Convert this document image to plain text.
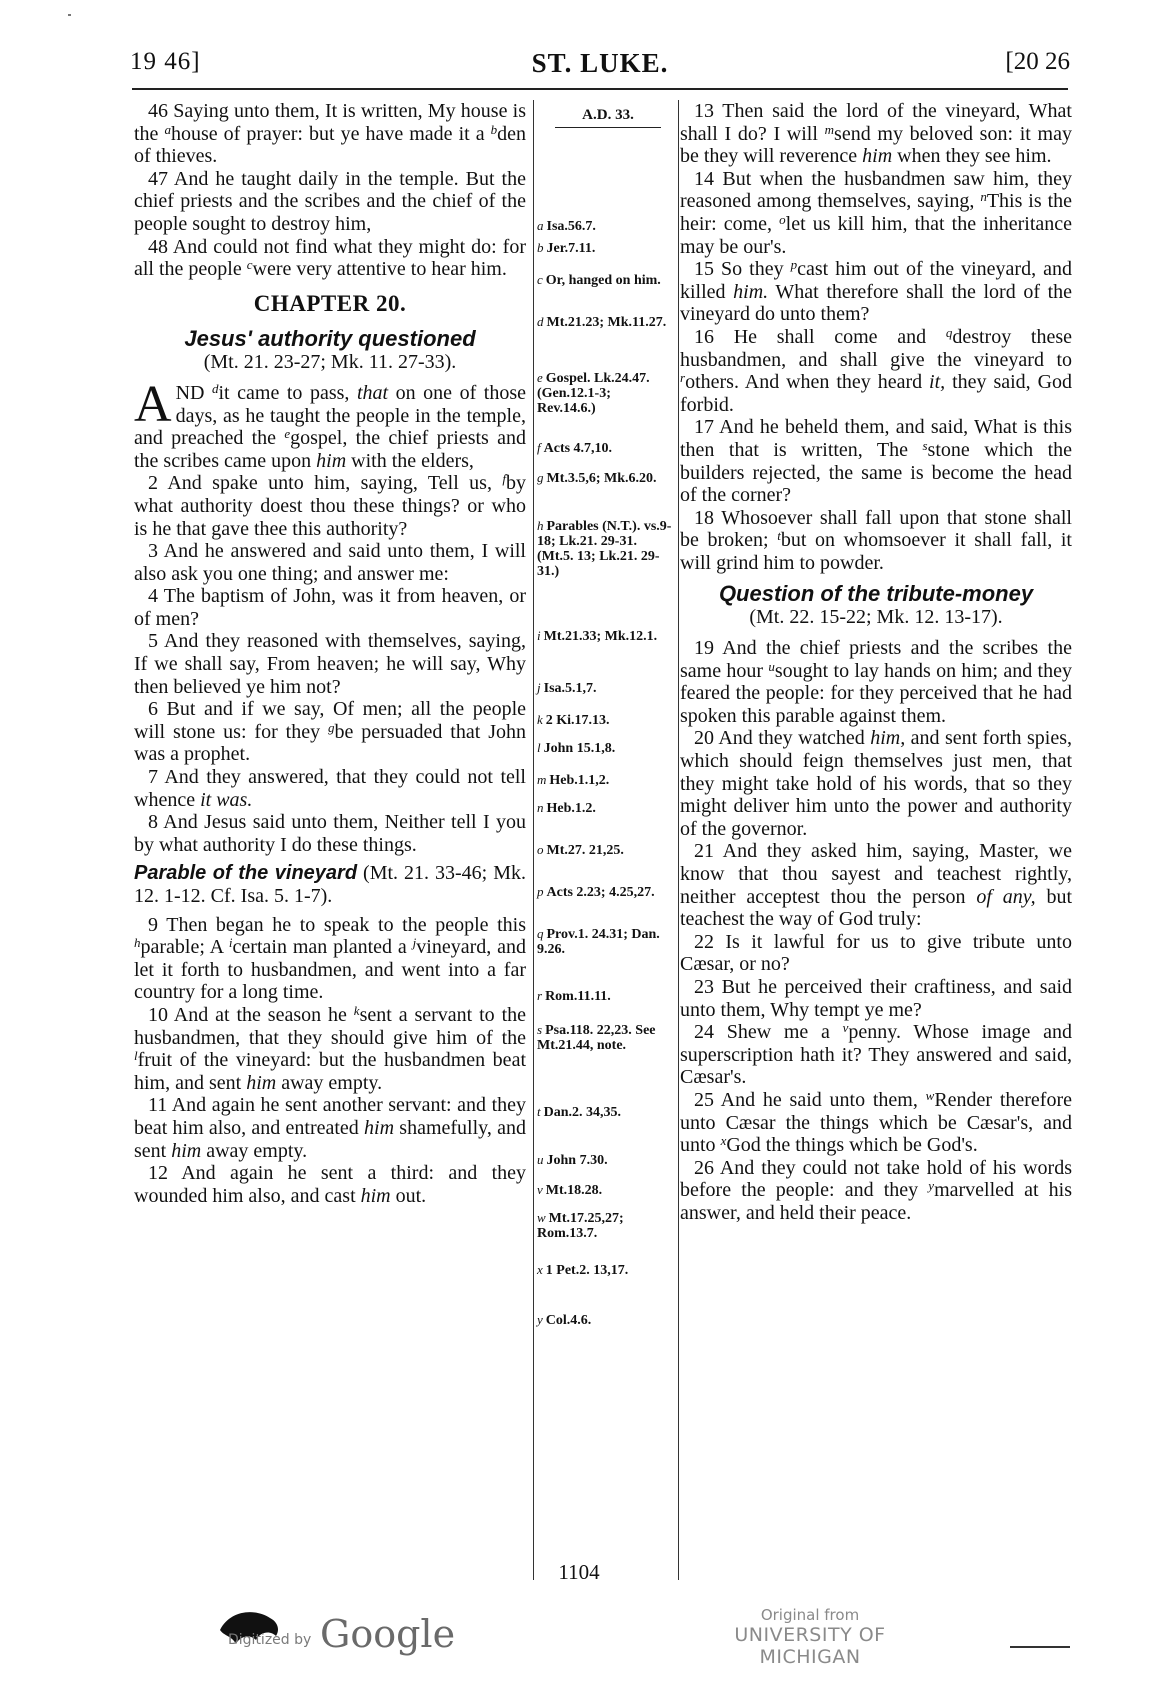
19 46]	ST. LUKE.	[20 26

46 Saying unto them, It is written, My house is the $^a$house of prayer: but ye have made it a $^b$den of thieves.

47 And he taught daily in the temple. But the chief priests and the scribes and the chief of the people sought to destroy him,

48 And could not find what they might do: for all the people $^c$were very attentive to hear him.

CHAPTER 20.
Jesus' authority questioned
(Mt. 21. 23-27; Mk. 11. 27-33).

AND $^d$it came to pass, that on one of those days, as he taught the people in the temple, and preached the $^e$gospel, the chief priests and the scribes came upon him with the elders,

2 And spake unto him, saying, Tell us, $^f$by what authority doest thou these things? or who is he that gave thee this authority?

3 And he answered and said unto them, I will also ask you one thing; and answer me:

4 The baptism of John, was it from heaven, or of men?

5 And they reasoned with themselves, saying, If we shall say, From heaven; he will say, Why then believed ye him not?

6 But and if we say, Of men; all the people will stone us: for they $^g$be persuaded that John was a prophet.

7 And they answered, that they could not tell whence it was.

8 And Jesus said unto them, Neither tell I you by what authority I do these things.

Parable of the vineyard (Mt. 21. 33-46; Mk. 12. 1-12. Cf. Isa. 5. 1-7).

9 Then began he to speak to the people this $^h$parable; A $^i$certain man planted a $^j$vineyard, and let it forth to husbandmen, and went into a far country for a long time.

10 And at the season he $^k$sent a servant to the husbandmen, that they should give him of the $^l$fruit of the vineyard: but the husbandmen beat him, and sent him away empty.

11 And again he sent another servant: and they beat him also, and entreated him shamefully, and sent him away empty.

12 And again he sent a third: and they wounded him also, and cast him out.

A.D. 33.
a Isa.56.7.
b Jer.7.11.
c Or, hanged on him.
d Mt.21.23; Mk.11.27.
e Gospel. Lk.24.47. (Gen.12.1-3; Rev.14.6.)
f Acts 4.7,10.
g Mt.3.5,6; Mk.6.20.
h Parables (N.T.). vs.9-18; Lk.21. 29-31. (Mt.5. 13; Lk.21. 29-31.)
i Mt.21.33; Mk.12.1.
j Isa.5.1,7.
k 2 Ki.17.13.
l John 15.1,8.
m Heb.1.1,2.
n Heb.1.2.
o Mt.27. 21,25.
p Acts 2.23; 4.25,27.
q Prov.1. 24.31; Dan. 9.26.
r Rom.11.11.
s Psa.118. 22,23. See Mt.21.44, note.
t Dan.2. 34,35.
u John 7.30.
v Mt.18.28.
w Mt.17.25,27; Rom.13.7.
x 1 Pet.2. 13,17.
y Col.4.6.

13 Then said the lord of the vineyard, What shall I do? I will $^m$send my beloved son: it may be they will reverence him when they see him.

14 But when the husbandmen saw him, they reasoned among themselves, saying, $^n$This is the heir: come, $^o$let us kill him, that the inheritance may be our's.

15 So they $^p$cast him out of the vineyard, and killed him. What therefore shall the lord of the vineyard do unto them?

16 He shall come and $^q$destroy these husbandmen, and shall give the vineyard to $^r$others. And when they heard it, they said, God forbid.

17 And he beheld them, and said, What is this then that is written, The $^s$stone which the builders rejected, the same is become the head of the corner?

18 Whosoever shall fall upon that stone shall be broken; $^t$but on whomsoever it shall fall, it will grind him to powder.

Question of the tribute-money
(Mt. 22. 15-22; Mk. 12. 13-17).

19 And the chief priests and the scribes the same hour $^u$sought to lay hands on him; and they feared the people: for they perceived that he had spoken this parable against them.

20 And they watched him, and sent forth spies, which should feign themselves just men, that they might take hold of his words, that so they might deliver him unto the power and authority of the governor.

21 And they asked him, saying, Master, we know that thou sayest and teachest rightly, neither acceptest thou the person of any, but teachest the way of God truly:

22 Is it lawful for us to give tribute unto Cæsar, or no?

23 But he perceived their craftiness, and said unto them, Why tempt ye me?

24 Shew me a $^v$penny. Whose image and superscription hath it? They answered and said, Cæsar's.

25 And he said unto them, $^w$Render therefore unto Cæsar the things which be Cæsar's, and unto $^x$God the things which be God's.

26 And they could not take hold of his words before the people: and they $^y$marvelled at his answer, and held their peace.

1104
Digitized by Google	Original from
UNIVERSITY OF MICHIGAN
